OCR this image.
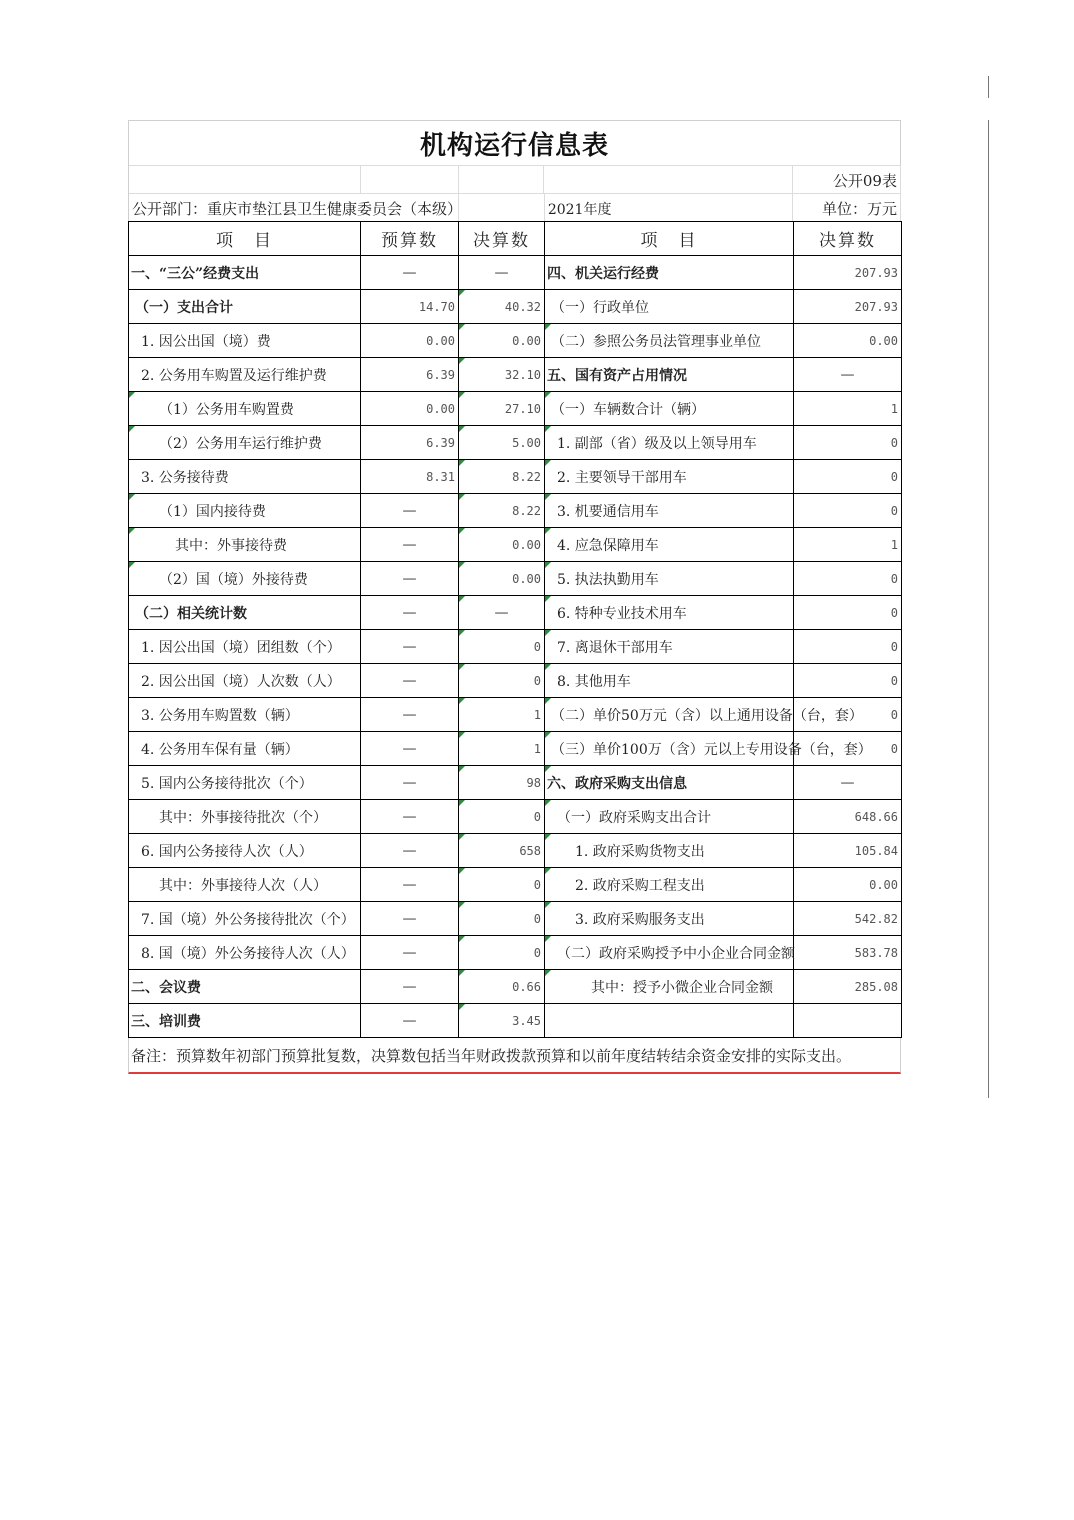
机构运行信息表
公开09表
公开部门：重庆市垫江县卫生健康委员会（本级）	2021年度	单位：万元
项　目	预算数	决算数	项　目	决算数
一、“三公”经费支出	—	—	四、机关运行经费	207.93
（一）支出合计	14.70	40.32	（一）行政单位	207.93
1. 因公出国（境）费	0.00	0.00	（二）参照公务员法管理事业单位	0.00
2. 公务用车购置及运行维护费	6.39	32.10	五、国有资产占用情况	—
（1）公务用车购置费	0.00	27.10	（一）车辆数合计（辆）	1
（2）公务用车运行维护费	6.39	5.00	1. 副部（省）级及以上领导用车	0
3. 公务接待费	8.31	8.22	2. 主要领导干部用车	0
（1）国内接待费	—	8.22	3. 机要通信用车	0
其中：外事接待费	—	0.00	4. 应急保障用车	1
（2）国（境）外接待费	—	0.00	5. 执法执勤用车	0
（二）相关统计数	—	—	6. 特种专业技术用车	0
1. 因公出国（境）团组数（个）	—	0	7. 离退休干部用车	0
2. 因公出国（境）人次数（人）	—	0	8. 其他用车	0
3. 公务用车购置数（辆）	—	1	（二）单价50万元（含）以上通用设备（台，套）	0
4. 公务用车保有量（辆）	—	1	（三）单价100万（含）元以上专用设备（台，套）	0
5. 国内公务接待批次（个）	—	98	六、政府采购支出信息	—
其中：外事接待批次（个）	—	0	（一）政府采购支出合计	648.66
6. 国内公务接待人次（人）	—	658	1. 政府采购货物支出	105.84
其中：外事接待人次（人）	—	0	2. 政府采购工程支出	0.00
7. 国（境）外公务接待批次（个）	—	0	3. 政府采购服务支出	542.82
8. 国（境）外公务接待人次（人）	—	0	（二）政府采购授予中小企业合同金额	583.78
二、会议费	—	0.66	其中：授予小微企业合同金额	285.08
三、培训费	—	3.45		
备注：预算数年初部门预算批复数，决算数包括当年财政拨款预算和以前年度结转结余资金安排的实际支出。
